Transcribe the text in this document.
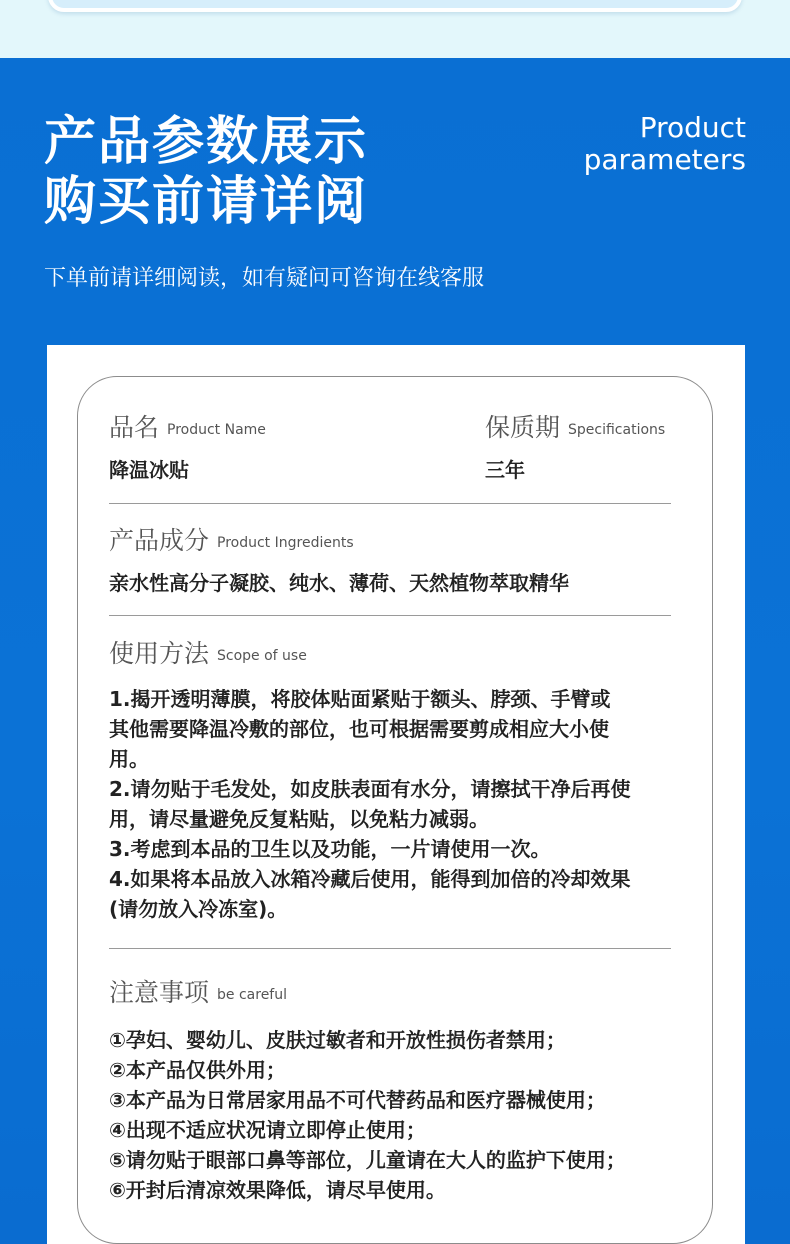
产品参数展示
购买前请详阅
Product
parameters
下单前请详细阅读，如有疑问可咨询在线客服
品名 Product Name
降温冰贴
保质期 Specifications
三年
产品成分 Product Ingredients
亲水性高分子凝胶、纯水、薄荷、天然植物萃取精华
使用方法 Scope of use
1.揭开透明薄膜，将胶体贴面紧贴于额头、脖颈、手臂或
其他需要降温冷敷的部位，也可根据需要剪成相应大小使
用。
2.请勿贴于毛发处，如皮肤表面有水分，请擦拭干净后再使
用，请尽量避免反复粘贴，以免粘力减弱。
3.考虑到本品的卫生以及功能，一片请使用一次。
4.如果将本品放入冰箱冷藏后使用，能得到加倍的冷却效果
(请勿放入冷冻室)。
注意事项 be careful
①孕妇、婴幼儿、皮肤过敏者和开放性损伤者禁用；
②本产品仅供外用；
③本产品为日常居家用品不可代替药品和医疗器械使用；
④出现不适应状况请立即停止使用；
⑤请勿贴于眼部口鼻等部位，儿童请在大人的监护下使用；
⑥开封后清凉效果降低，请尽早使用。
